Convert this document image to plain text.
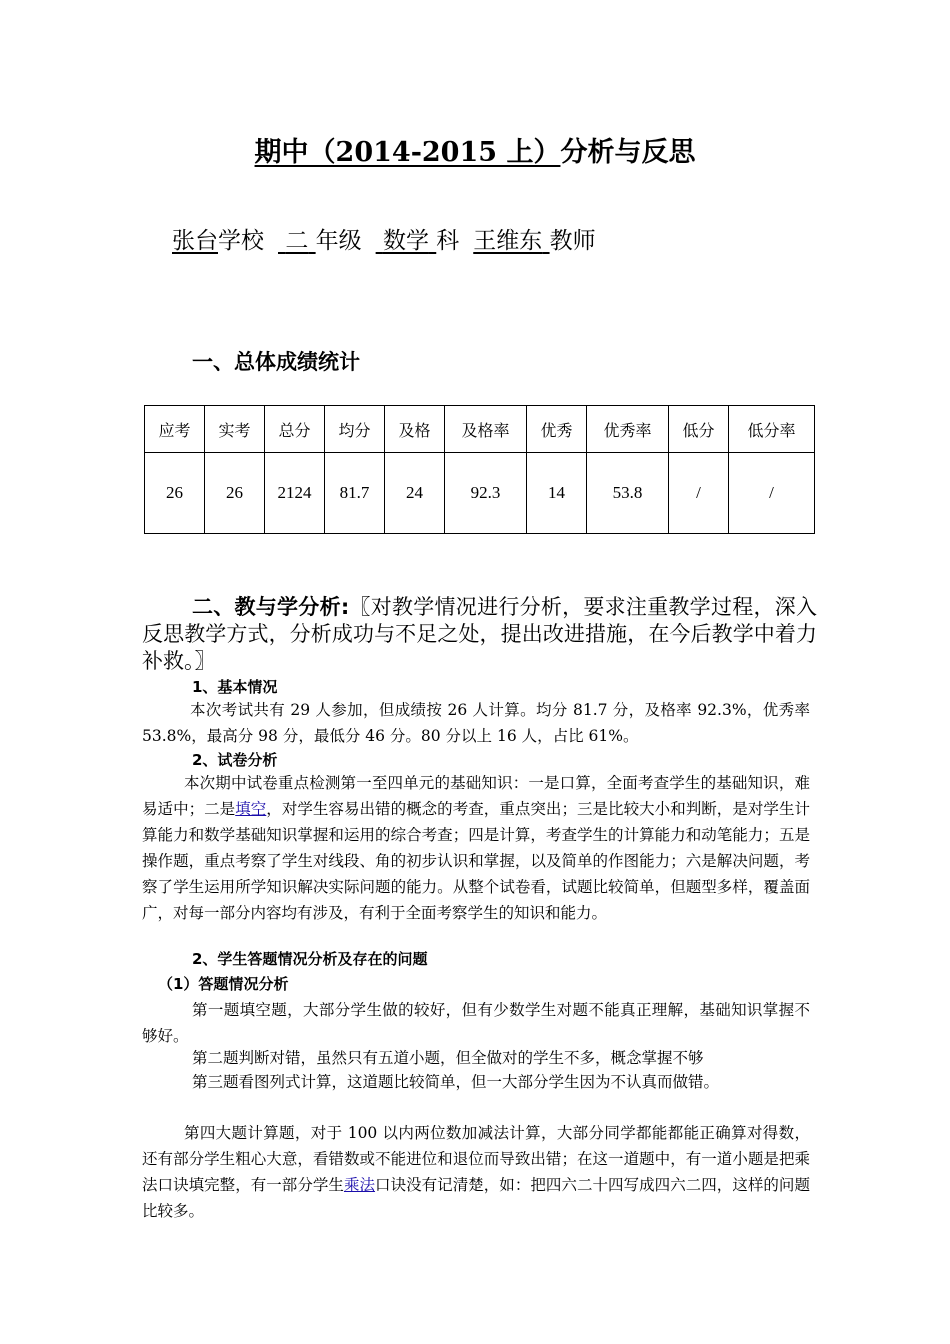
期中（2014-2015 上）分析与反思
张台学校 二 年级 数学 科 王维东 教师
一、总体成绩统计
应考	实考	总分	均分	及格	及格率	优秀	优秀率	低分	低分率
26	26	2124	81.7	24	92.3	14	53.8	/	/
二、教与学分析:〖对教学情况进行分析，要求注重教学过程，深入反思教学方式，分析成功与不足之处，提出改进措施，在今后教学中着力补救。〗
1、基本情况
本次考试共有 29 人参加，但成绩按 26 人计算。均分 81.7 分，及格率 92.3%，优秀率 53.8%，最高分 98 分，最低分 46 分。80 分以上 16 人，占比 61%。
2、试卷分析
本次期中试卷重点检测第一至四单元的基础知识：一是口算，全面考查学生的基础知识，难易适中；二是填空，对学生容易出错的概念的考查，重点突出；三是比较大小和判断，是对学生计算能力和数学基础知识掌握和运用的综合考查；四是计算，考查学生的计算能力和动笔能力；五是操作题，重点考察了学生对线段、角的初步认识和掌握，以及简单的作图能力；六是解决问题，考察了学生运用所学知识解决实际问题的能力。从整个试卷看，试题比较简单，但题型多样，覆盖面广，对每一部分内容均有涉及，有利于全面考察学生的知识和能力。
2、学生答题情况分析及存在的问题
（1）答题情况分析
第一题填空题，大部分学生做的较好，但有少数学生对题不能真正理解，基础知识掌握不够好。
第二题判断对错，虽然只有五道小题，但全做对的学生不多，概念掌握不够
第三题看图列式计算，这道题比较简单，但一大部分学生因为不认真而做错。
第四大题计算题，对于 100 以内两位数加减法计算，大部分同学都能都能正确算对得数，还有部分学生粗心大意，看错数或不能进位和退位而导致出错；在这一道题中，有一道小题是把乘法口诀填完整，有一部分学生乘法口诀没有记清楚，如：把四六二十四写成四六二四，这样的问题比较多。
